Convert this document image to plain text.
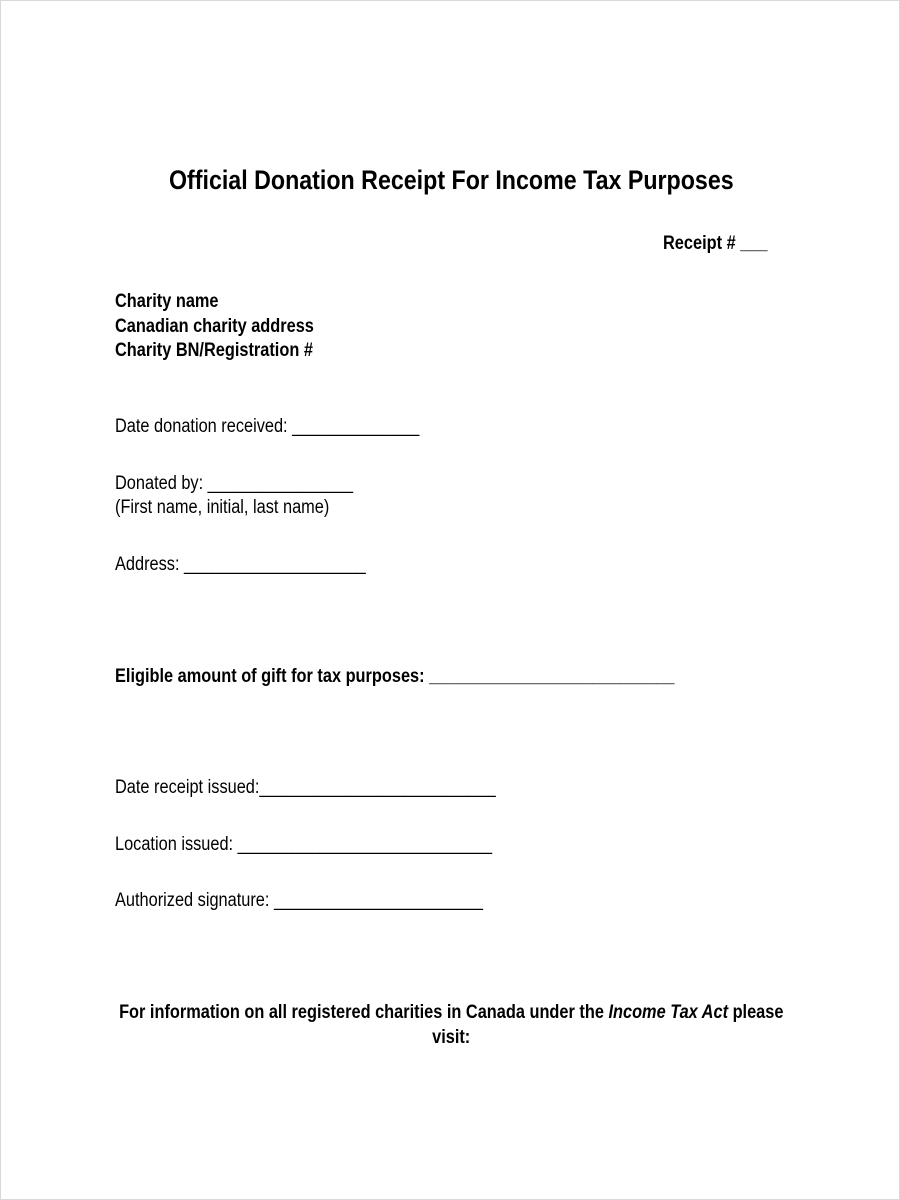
Official Donation Receipt For Income Tax Purposes
Receipt # ___
Charity name
Canadian charity address
Charity BN/Registration #
Date donation received: ______________
Donated by: ________________
(First name, initial, last name)
Address: ____________________
Eligible amount of gift for tax purposes: ___________________________
Date receipt issued:__________________________
Location issued: ____________________________
Authorized signature: _______________________
For information on all registered charities in Canada under the Income Tax Act please
visit:
